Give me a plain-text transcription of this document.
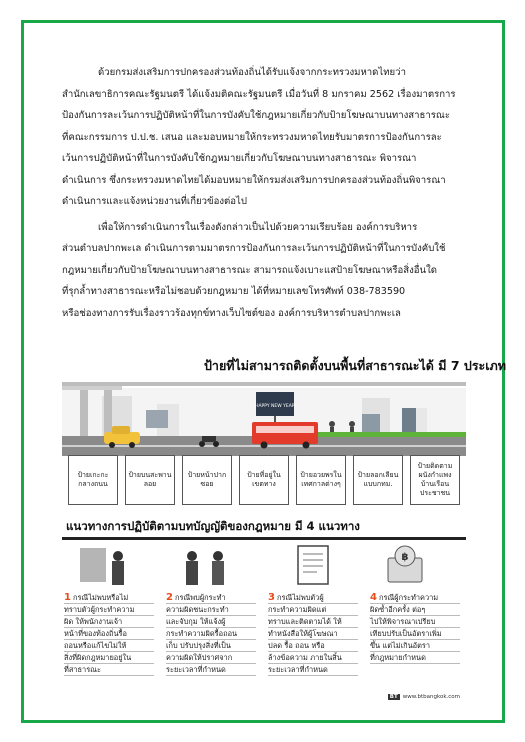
ด้วยกรมส่งเสริมการปกครองส่วนท้องถิ่นได้รับแจ้งจากกระทรวงมหาดไทยว่า
สำนักเลขาธิการคณะรัฐมนตรี ได้แจ้งมติคณะรัฐมนตรี เมื่อวันที่ 8 มกราคม 2562 เรื่องมาตรการ
ป้องกันการละเว้นการปฏิบัติหน้าที่ในการบังคับใช้กฎหมายเกี่ยวกับป้ายโฆษณาบนทางสาธารณะ
ที่คณะกรรมการ ป.ป.ช. เสนอ และมอบหมายให้กระทรวงมหาดไทยรับมาตรการป้องกันการละ
เว้นการปฏิบัติหน้าที่ในการบังคับใช้กฎหมายเกี่ยวกับโฆษณาบนทางสาธารณะ พิจารณา
ดำเนินการ ซึ่งกระทรวงมหาดไทยได้มอบหมายให้กรมส่งเสริมการปกครองส่วนท้องถิ่นพิจารณา
ดำเนินการและแจ้งหน่วยงานที่เกี่ยวข้องต่อไป

เพื่อให้การดำเนินการในเรื่องดังกล่าวเป็นไปด้วยความเรียบร้อย องค์การบริหาร
ส่วนตำบลปากพะเล ดำเนินการตามมาตรการป้องกันการละเว้นการปฏิบัติหน้าที่ในการบังคับใช้
กฎหมายเกี่ยวกับป้ายโฆษณาบนทางสาธารณะ สามารถแจ้งเบาะแสป้ายโฆษณาหรือสิ่งอื่นใด
ที่รุกล้ำทางสาธารณะหรือไม่ชอบด้วยกฎหมาย ได้ที่หมายเลขโทรศัพท์ 038-783590
หรือช่องทางการรับเรื่องราวร้องทุกข์ทางเว็บไซต์ของ องค์การบริหารตำบลปากพะเล

HAPPY NEW YEAR
ป้ายที่ไม่สามารถติดตั้งบนพื้นที่สาธารณะได้ มี 7 ประเภท
ป้ายเกะกะกลางถนน
ป้ายบนสะพานลอย
ป้ายหน้าปากซอย
ป้ายที่อยู่ในเขตทาง
ป้ายอวยพรในเทศกาลต่างๆ
ป้ายลอกเลียนแบบกทม.
ป้ายติดตามผนังกำแพง บ้านเรือนประชาชน
แนวทางการปฏิบัติตามบทบัญญัติของกฎหมาย มี 4 แนวทาง
฿
1 กรณีไม่พบหรือไม่
ทราบตัวผู้กระทำความ
ผิด ให้พนักงานเจ้า
หน้าที่ของท้องถิ่นรื้อ
ถอนหรือแก้ไขไม่ให้
สิ่งที่ผิดกฎหมายอยู่ใน
ที่สาธารณะ
2 กรณีพบผู้กระทำ
ความผิดชนะกระทำ
และจับกุม ให้แจ้งผู้
กระทำความผิดรื้อถอน
เก็บ ปรับปรุงสิ่งที่เป็น
ความผิดให้ปราศจาก
ระยะเวลาที่กำหนด
3 กรณีไม่พบตัวผู้
กระทำความผิดแต่
ทราบและติดตามได้ ให้
ทำหนังสือให้ผู้โฆษณา
ปลด รื้อ ถอน หรือ
ล้างข้อความ ภายในสิ้น
ระยะเวลาที่กำหนด
4 กรณีผู้กระทำความ
ผิดซ้ำอีกครั้ง ต่อๆ
ไปให้พิจารณาเปรียบ
เทียบปรับเป็นอัตราเพิ่ม
ขึ้น แต่ไม่เกินอัตรา
ที่กฎหมายกำหนด
BT www.btbangkok.com
